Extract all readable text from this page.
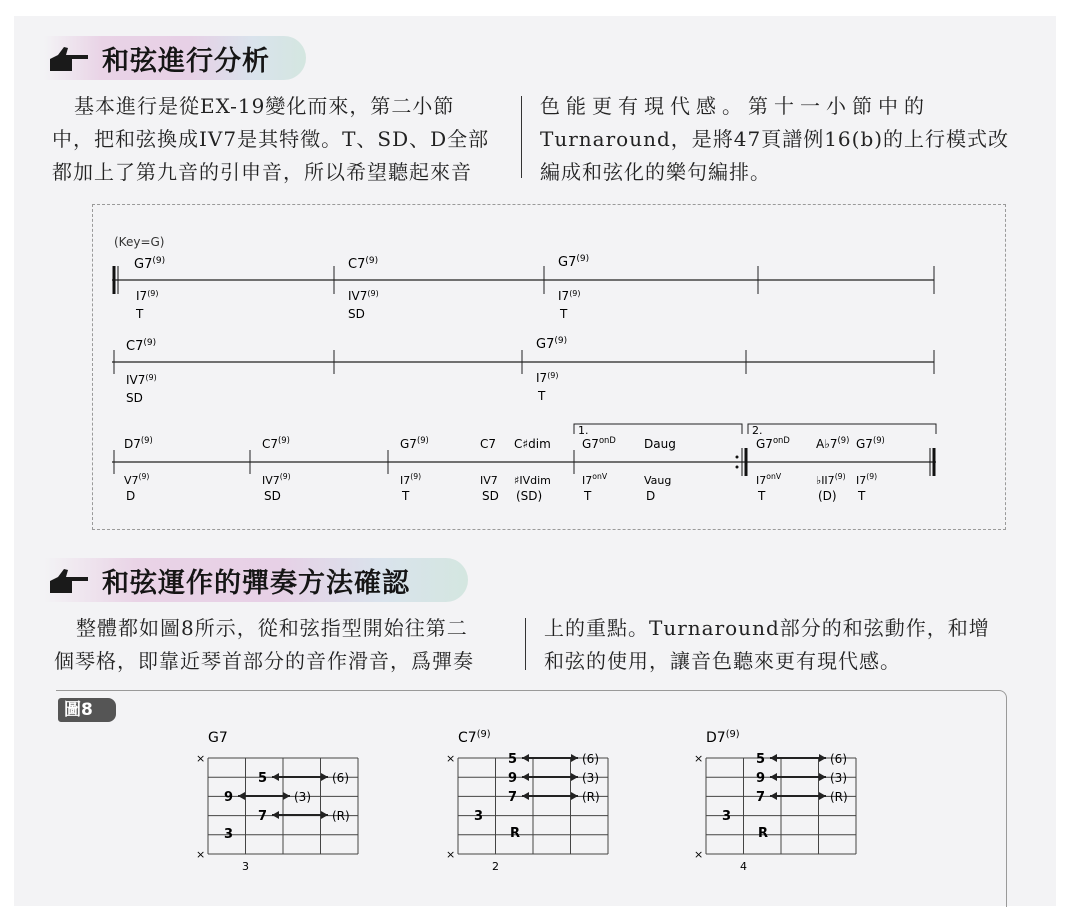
和弦進行分析
基本進行是從EX-19變化而來，第二小節
中，把和弦換成IV7是其特徵。T、SD、D全部
都加上了第九音的引申音，所以希望聽起來音
色能更有現代感。第十一小節中的
Turnaround，是將47頁譜例16(b)的上行模式改
編成和弦化的樂句編排。
(Key=G)
G7$^{(9)}$
I7$^{(9)}$
T
C7$^{(9)}$
IV7$^{(9)}$
SD
G7$^{(9)}$
I7$^{(9)}$
T
C7$^{(9)}$
IV7$^{(9)}$
SD
G7$^{(9)}$
I7$^{(9)}$
T
1.	2.
D7$^{(9)}$
V7$^{(9)}$
D
C7$^{(9)}$
IV7$^{(9)}$
SD
G7$^{(9)}$
I7$^{(9)}$
T
C7
IV7
SD
C♯dim
♯IVdim
(SD)
$G7^{onD}$
$I7^{onV}$
T
Daug
Vaug
D
$G7^{onD}$
$I7^{onV}$
T
A♭7$^{(9)}$
♭II7$^{(9)}$
(D)
G7$^{(9)}$
I7$^{(9)}$
T
和弦運作的彈奏方法確認
整體都如圖8所示，從和弦指型開始往第二
個琴格，即靠近琴首部分的音作滑音，爲彈奏
上的重點。Turnaround部分的和弦動作，和增
和弦的使用，讓音色聽來更有現代感。
圖8
G7
×
×
3
5	(6)
9	(3)
7	(R)
3
$C7^{(9)}$
×
×
2
5	(6)
9	(3)
7	(R)
3
R
$D7^{(9)}$
×
×
4
5	(6)
9	(3)
7	(R)
3
R
